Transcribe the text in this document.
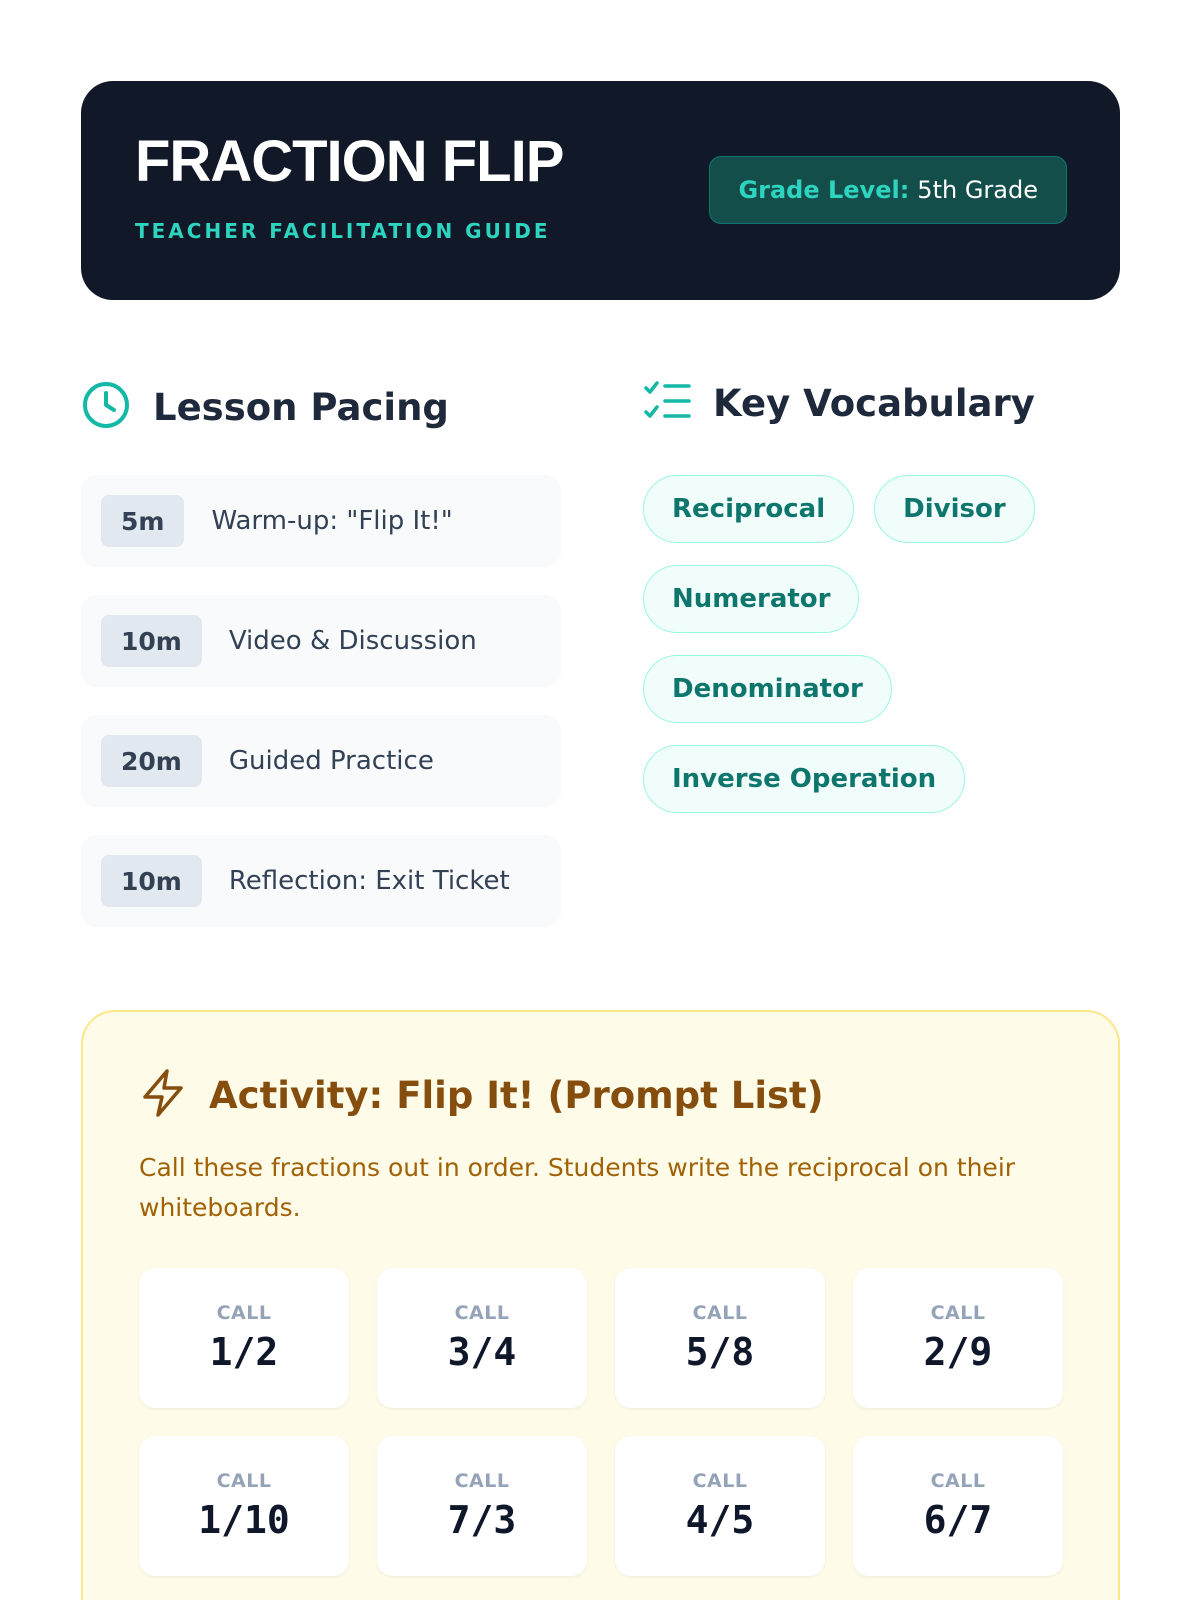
FRACTION FLIP
TEACHER FACILITATION GUIDE
Grade Level: 5th Grade
Lesson Pacing
5m	Warm-up: "Flip It!"
10m	Video & Discussion
20m	Guided Practice
10m	Reflection: Exit Ticket
Key Vocabulary
Reciprocal	Divisor
Numerator
Denominator
Inverse Operation
Activity: Flip It! (Prompt List)

Call these fractions out in order. Students write the reciprocal on their whiteboards.

CALL
1/2
CALL
3/4
CALL
5/8
CALL
2/9
CALL
1/10
CALL
7/3
CALL
4/5
CALL
6/7
